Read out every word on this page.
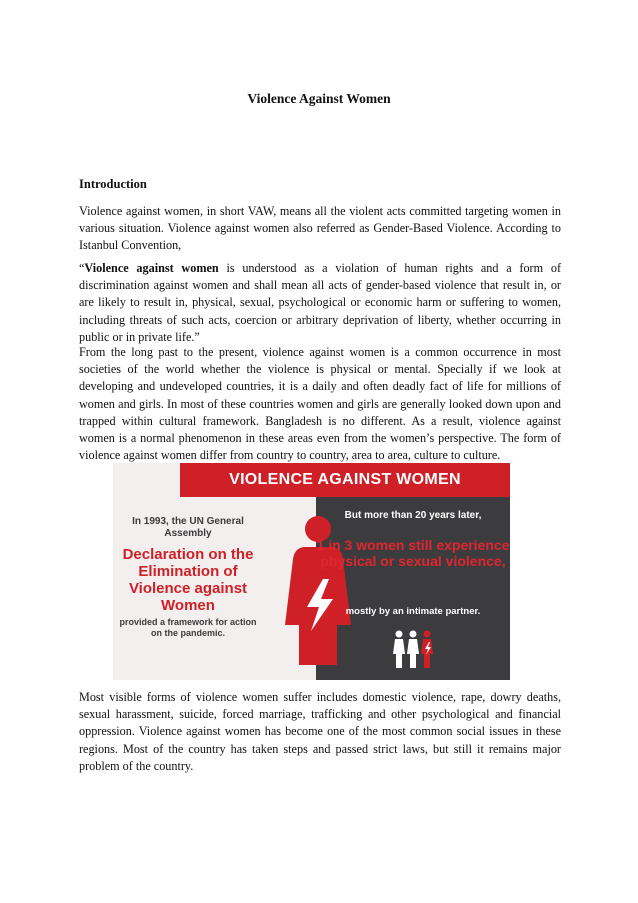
Violence Against Women
Introduction

Violence against women, in short VAW, means all the violent acts committed targeting women in various situation. Violence against women also referred as Gender-Based Violence. According to Istanbul Convention,

“Violence against women is understood as a violation of human rights and a form of discrimination against women and shall mean all acts of gender-based violence that result in, or are likely to result in, physical, sexual, psychological or economic harm or suffering to women, including threats of such acts, coercion or arbitrary deprivation of liberty, whether occurring in public or in private life.”

From the long past to the present, violence against women is a common occurrence in most societies of the world whether the violence is physical or mental. Specially if we look at developing and undeveloped countries, it is a daily and often deadly fact of life for millions of women and girls. In most of these countries women and girls are generally looked down upon and trapped within cultural framework. Bangladesh is no different. As a result, violence against women is a normal phenomenon in these areas even from the women’s perspective. The form of violence against women differ from country to country, area to area, culture to culture.

VIOLENCE AGAINST WOMEN

In 1993, the UN General Assembly

Declaration on the Elimination of Violence against Women

provided a framework for action on the pandemic.

But more than 20 years later,

1 in 3 women still experience physical or sexual violence,

mostly by an intimate partner.

Most visible forms of violence women suffer includes domestic violence, rape, dowry deaths, sexual harassment, suicide, forced marriage, trafficking and other psychological and financial oppression. Violence against women has become one of the most common social issues in these regions. Most of the country has taken steps and passed strict laws, but still it remains major problem of the country.
